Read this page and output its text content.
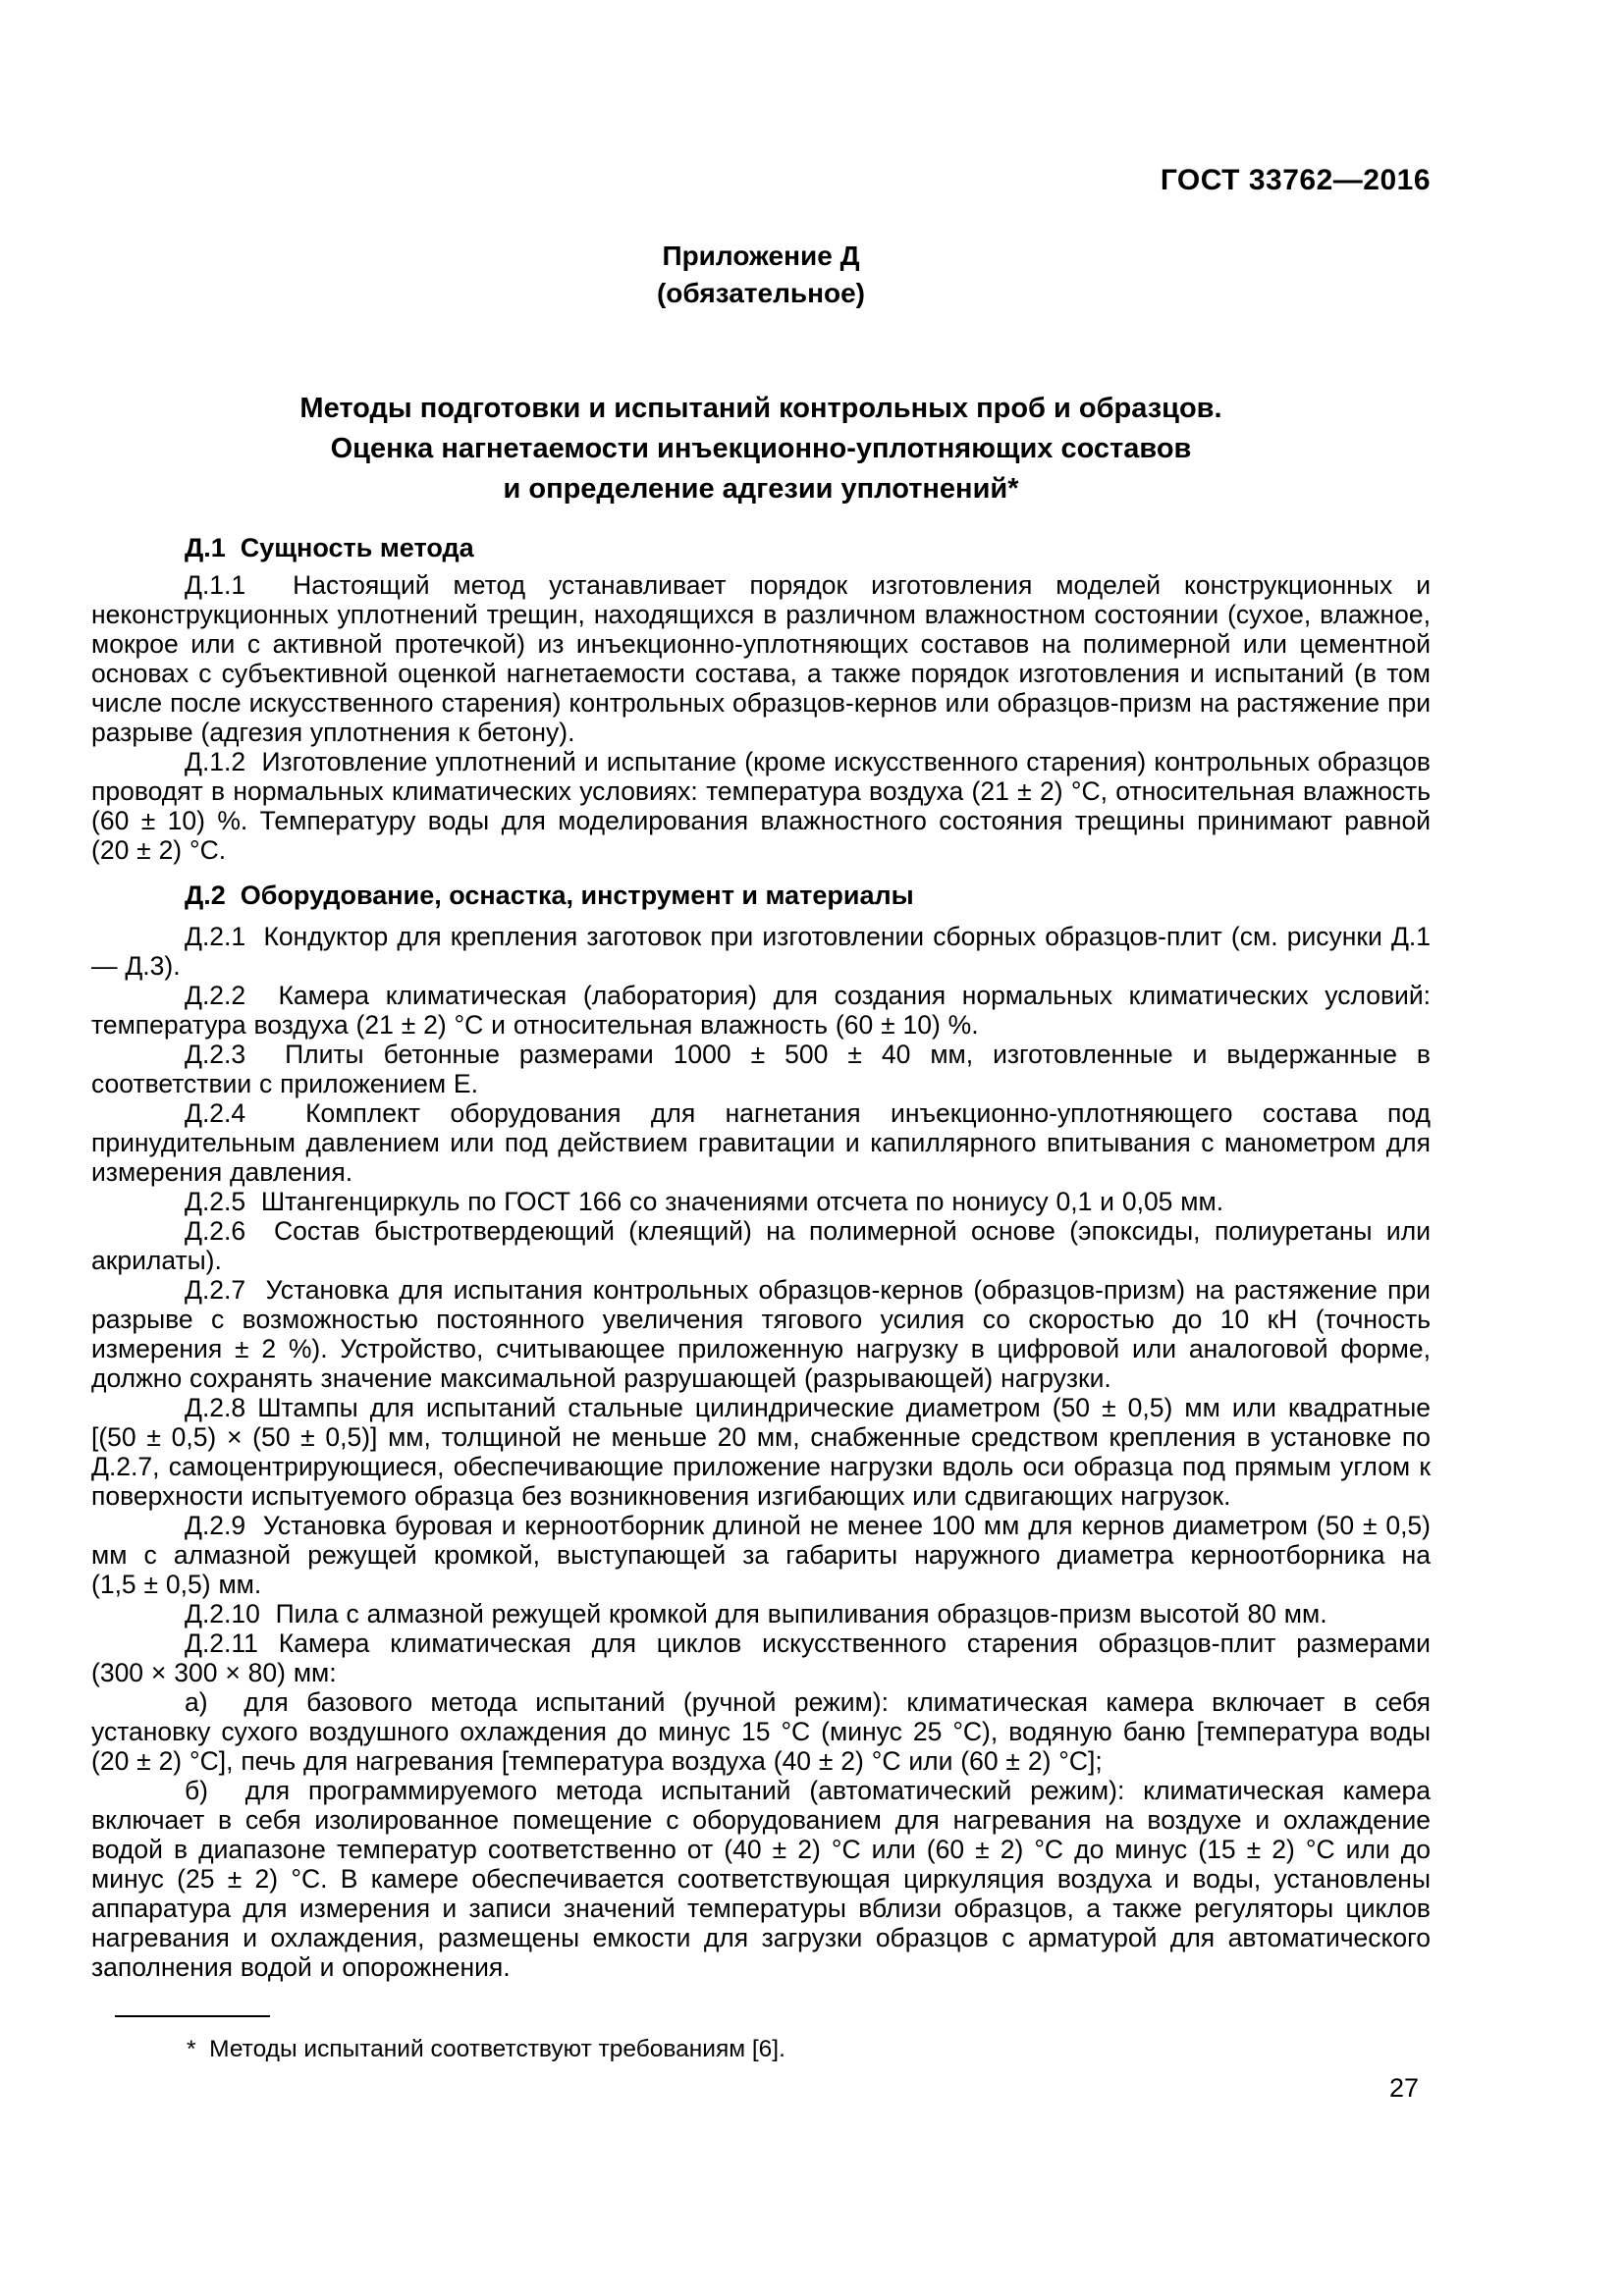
ГОСТ 33762—2016
Приложение Д
(обязательное)
Методы подготовки и испытаний контрольных проб и образцов.
Оценка нагнетаемости инъекционно-уплотняющих составов
и определение адгезии уплотнений*
Д.1  Сущность метода

Д.1.1  Настоящий метод устанавливает порядок изготовления моделей конструкционных и неконструкционных уплотнений трещин, находящихся в различном влажностном состоянии (сухое, влажное, мокрое или с активной протечкой) из инъекционно-уплотняющих составов на полимерной или цементной основах с субъективной оценкой нагнетаемости состава, а также порядок изготовления и испытаний (в том числе после искусственного старения) контрольных образцов-кернов или образцов-призм на растяжение при разрыве (адгезия уплотнения к бетону).

Д.1.2  Изготовление уплотнений и испытание (кроме искусственного старения) контрольных образцов проводят в нормальных климатических условиях: температура воздуха (21 ± 2) °С, относительная влажность (60 ± 10) %. Температуру воды для моделирования влажностного состояния трещины принимают равной (20 ± 2) °С.

Д.2  Оборудование, оснастка, инструмент и материалы

Д.2.1  Кондуктор для крепления заготовок при изготовлении сборных образцов-плит (см. рисунки Д.1 — Д.3).

Д.2.2  Камера климатическая (лаборатория) для создания нормальных климатических условий: температура воздуха (21 ± 2) °С и относительная влажность (60 ± 10) %.

Д.2.3  Плиты бетонные размерами 1000 ± 500 ± 40 мм, изготовленные и выдержанные в соответствии с приложением Е.

Д.2.4  Комплект оборудования для нагнетания инъекционно-уплотняющего состава под принудительным давлением или под действием гравитации и капиллярного впитывания с манометром для измерения давления.

Д.2.5  Штангенциркуль по ГОСТ 166 со значениями отсчета по нониусу 0,1 и 0,05 мм.

Д.2.6  Состав быстротвердеющий (клеящий) на полимерной основе (эпоксиды, полиуретаны или акрилаты).

Д.2.7  Установка для испытания контрольных образцов-кернов (образцов-призм) на растяжение при разрыве с возможностью постоянного увеличения тягового усилия со скоростью до 10 кН (точность измерения ± 2 %). Устройство, считывающее приложенную нагрузку в цифровой или аналоговой форме, должно сохранять значение максимальной разрушающей (разрывающей) нагрузки.

Д.2.8 Штампы для испытаний стальные цилиндрические диаметром (50 ± 0,5) мм или квадратные [(50 ± 0,5) × (50 ± 0,5)] мм, толщиной не меньше 20 мм, снабженные средством крепления в установке по Д.2.7, самоцентрирующиеся, обеспечивающие приложение нагрузки вдоль оси образца под прямым углом к поверхности испытуемого образца без возникновения изгибающих или сдвигающих нагрузок.

Д.2.9  Установка буровая и керноотборник длиной не менее 100 мм для кернов диаметром (50 ± 0,5) мм с алмазной режущей кромкой, выступающей за габариты наружного диаметра керноотборника на (1,5 ± 0,5) мм.

Д.2.10  Пила с алмазной режущей кромкой для выпиливания образцов-призм высотой 80 мм.

Д.2.11 Камера климатическая для циклов искусственного старения образцов-плит размерами (300 × 300 × 80) мм:

а)  для базового метода испытаний (ручной режим): климатическая камера включает в себя установку сухого воздушного охлаждения до минус 15 °С (минус 25 °С), водяную баню [температура воды (20 ± 2) °С], печь для нагревания [температура воздуха (40 ± 2) °С или (60 ± 2) °С];

б)  для программируемого метода испытаний (автоматический режим): климатическая камера включает в себя изолированное помещение с оборудованием для нагревания на воздухе и охлаждение водой в диапазоне температур соответственно от (40 ± 2) °С или (60 ± 2) °С до минус (15 ± 2) °С или до минус (25 ± 2) °С. В камере обеспечивается соответствующая циркуляция воздуха и воды, установлены аппаратура для измерения и записи значений температуры вблизи образцов, а также регуляторы циклов нагревания и охлаждения, размещены емкости для загрузки образцов с арматурой для автоматического заполнения водой и опорожнения.

*  Методы испытаний соответствуют требованиям [6].

27
